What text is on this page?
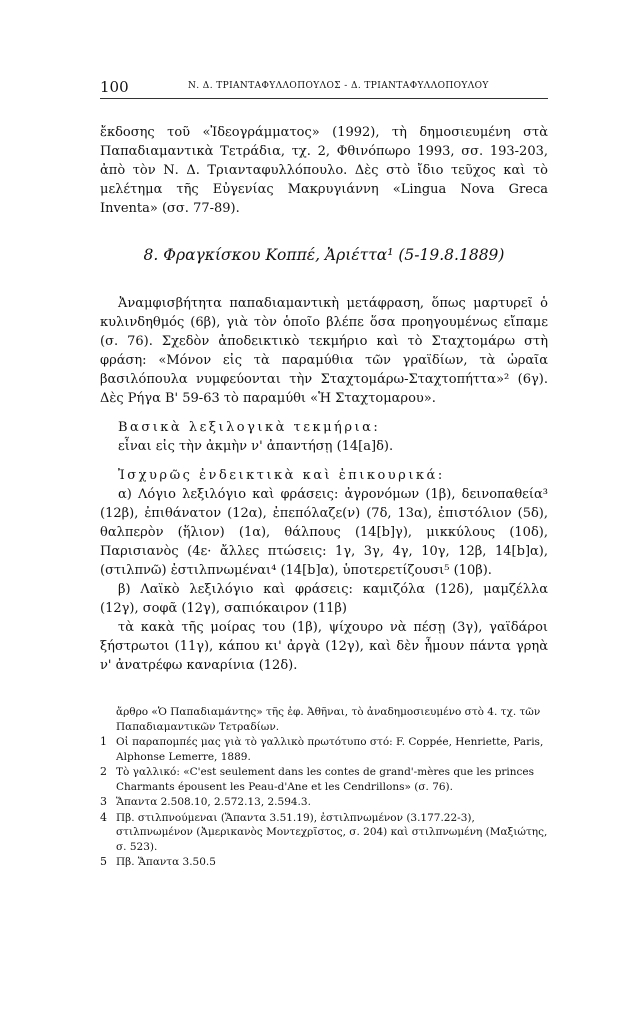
100	Ν. Δ. ΤΡΙΑΝΤΑΦΥΛΛΟΠΟΥΛΟΣ - Δ. ΤΡΙΑΝΤΑΦΥΛΛΟΠΟΥΛΟΥ

ἔκδοσης τοῦ «Ἰδεογράμματος» (1992), τὴ δημοσιευμένη στὰ Παπαδιαμαντικὰ Τετράδια, τχ. 2, Φθινόπωρο 1993, σσ. 193-203, ἀπὸ τὸν Ν. Δ. Τριανταφυλλόπουλο. Δὲς στὸ ἴδιο τεῦχος καὶ τὸ μελέτημα τῆς Εὐγενίας Μακρυγιάννη «Lingua Nova Greca Inventa» (σσ. 77-89).

8. Φραγκίσκου Κοππέ, Ἀριέττα¹ (5-19.8.1889)

Ἀναμφισβήτητα παπαδιαμαντικὴ μετάφραση, ὅπως μαρτυρεῖ ὁ κυλινδηθμός (6β), γιὰ τὸν ὁποῖο βλέπε ὅσα προηγουμένως εἴπαμε (σ. 76). Σχεδὸν ἀποδεικτικὸ τεκμήριο καὶ τὸ Σταχτομάρω στὴ φράση: «Μόνον εἰς τὰ παραμύθια τῶν γραϊδίων, τὰ ὡραῖα βασιλόπουλα νυμφεύονται τὴν Σταχτομάρω-Σταχτοπήττα»² (6γ). Δὲς Ρήγα Β' 59-63 τὸ παραμύθι «Ἡ Σταχτομαρου».

Βασικὰ λεξιλογικὰ τεκμήρια:

εἶναι εἰς τὴν ἀκμὴν ν' ἀπαντήσῃ (14[a]δ).

Ἰσχυρῶς ἐνδεικτικὰ καὶ ἐπικουρικά:

α) Λόγιο λεξιλόγιο καὶ φράσεις: ἀγρονόμων (1β), δεινοπαθεία³ (12β), ἐπιθάνατον (12α), ἐπεπόλαζε(ν) (7δ, 13α), ἐπιστόλιον (5δ), θαλπερὸν (ἥλιον) (1α), θάλπους (14[b]γ), μικκύλους (10δ), Παρισιανὸς (4ε· ἄλλες πτώσεις: 1γ, 3γ, 4γ, 10γ, 12β, 14[b]α), (στιλπνῶ) ἐστιλπνωμέναι⁴ (14[b]α), ὑποτερετίζουσι⁵ (10β).

β) Λαϊκὸ λεξιλόγιο καὶ φράσεις: καμιζόλα (12δ), μαμζέλλα (12γ), σοφᾶ (12γ), σαπιόκαιρον (11β)

τὰ κακὰ τῆς μοίρας του (1β), ψίχουρο νὰ πέσῃ (3γ), γαϊδάροι ξήστρωτοι (11γ), κάπου κι' ἀργὰ (12γ), καὶ δὲν ἦμουν πάντα γρηὰ ν' ἀνατρέφω καναρίνια (12δ).

ἄρθρο «Ὁ Παπαδιαμάντης» τῆς ἐφ. Ἀθῆναι, τὸ ἀναδημοσιευμένο στὸ 4. τχ. τῶν Παπαδιαμαντικῶν Τετραδίων.

1 Οἱ παραπομπές μας γιὰ τὸ γαλλικὸ πρωτότυπο στό: F. Coppée, Henriette, Paris, Alphonse Lemerre, 1889.
2 Τὸ γαλλικό: «C'est seulement dans les contes de grand'-mères que les princes Charmants épousent les Peau-d'Ane et les Cendrillons» (σ. 76).
3 Ἅπαντα 2.508.10, 2.572.13, 2.594.3.
4 Πβ. στιλπνούμεναι (Ἅπαντα 3.51.19), ἐστιλπνωμένον (3.177.22-3), στιλπνωμένον (Ἀμερικανὸς Μοντεχρῖστος, σ. 204) καὶ στιλπνωμένη (Μαξιώτης, σ. 523).
5 Πβ. Ἅπαντα 3.50.5
